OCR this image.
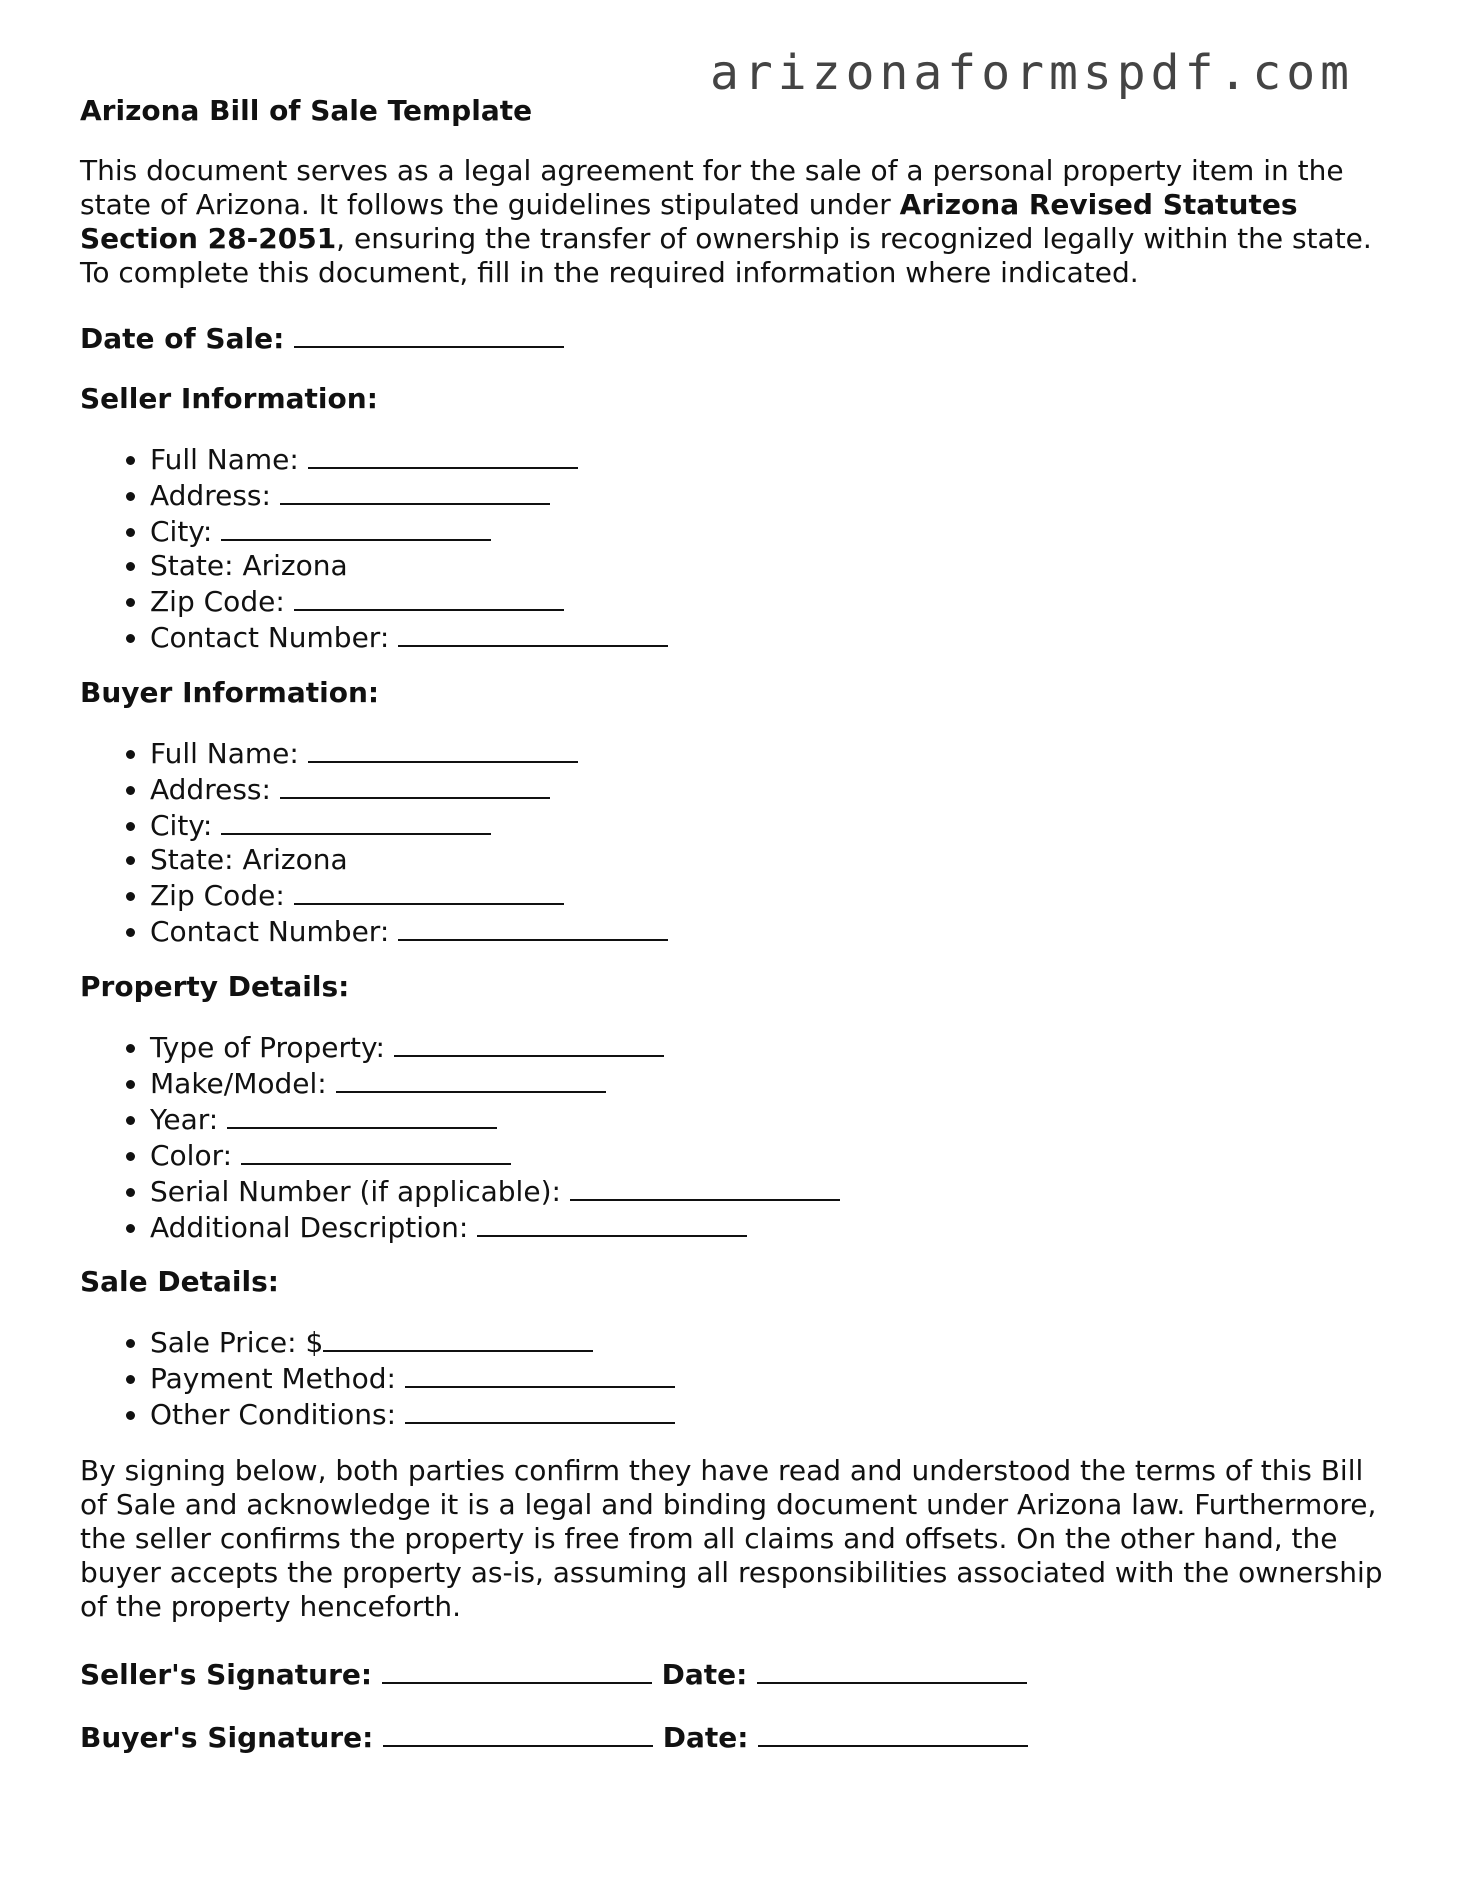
arizonaformspdf.com
Arizona Bill of Sale Template

This document serves as a legal agreement for the sale of a personal property item in the state of Arizona. It follows the guidelines stipulated under Arizona Revised Statutes Section 28-2051, ensuring the transfer of ownership is recognized legally within the state. To complete this document, fill in the required information where indicated.

Date of Sale:
Seller Information:
• Full Name:
• Address:
• City:
• State: Arizona
• Zip Code:
• Contact Number:
Buyer Information:
• Full Name:
• Address:
• City:
• State: Arizona
• Zip Code:
• Contact Number:
Property Details:
• Type of Property:
• Make/Model:
• Year:
• Color:
• Serial Number (if applicable):
• Additional Description:
Sale Details:
• Sale Price: $
• Payment Method:
• Other Conditions:

By signing below, both parties confirm they have read and understood the terms of this Bill of Sale and acknowledge it is a legal and binding document under Arizona law. Furthermore, the seller confirms the property is free from all claims and offsets. On the other hand, the buyer accepts the property as-is, assuming all responsibilities associated with the ownership of the property henceforth.

Seller's Signature:	Date:
Buyer's Signature:	Date:
